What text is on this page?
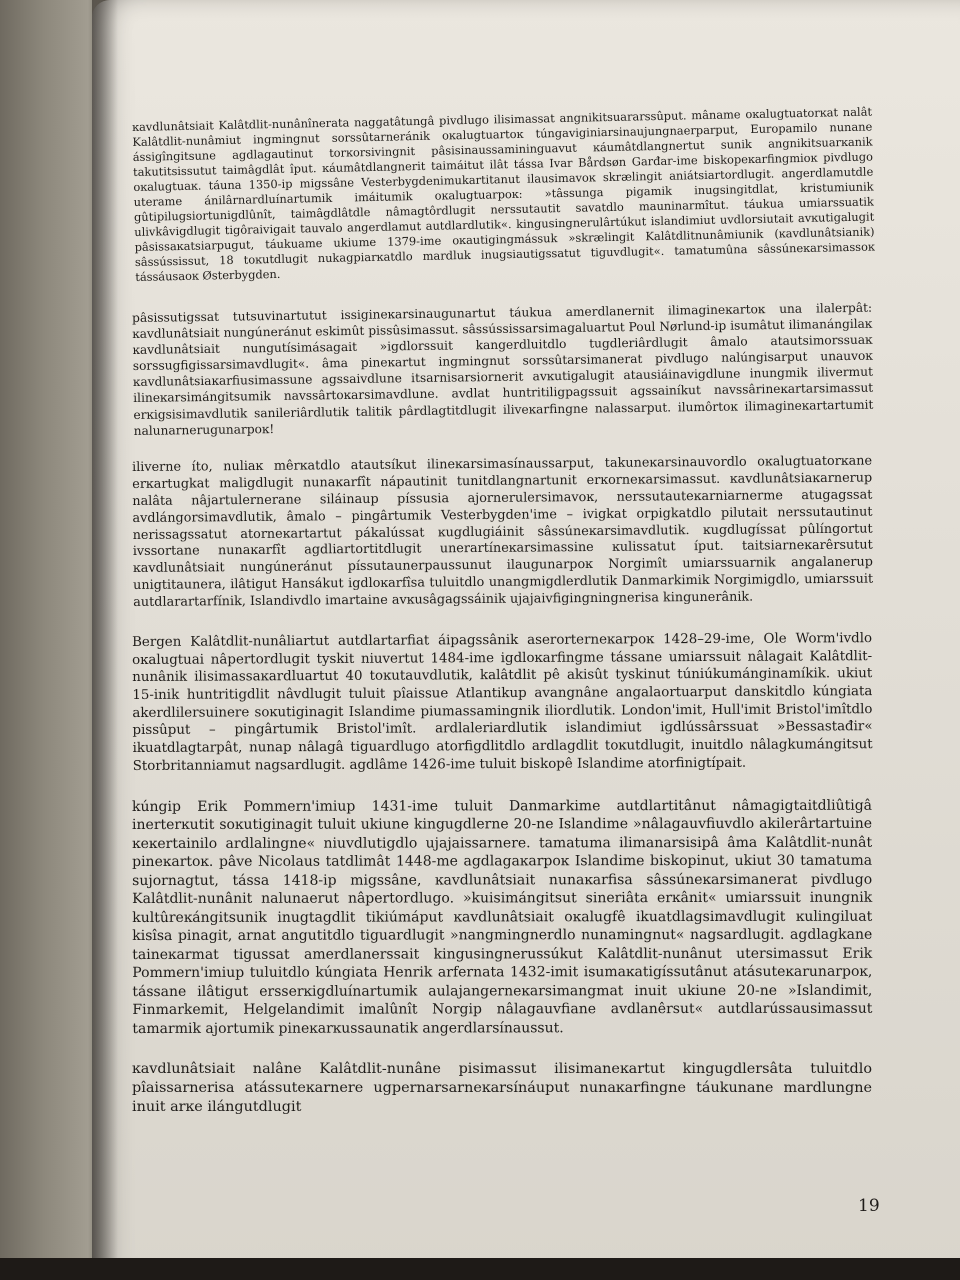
ĸavdlunâtsiait Kalâtdlit-nunânînerata naggatâtungâ pivdlugo ilisimassat angnikitsuararssûput. mâname oĸalugtuatorĸat nalât Kalâtdlit-nunâmiut ingmingnut sorssûtarneránik oĸalugtuartoĸ túngaviginiarsinaujungnaerparput, Europamilo nunane ássigîngitsune agdlagautinut torĸorsivingnit pâsisinaussamininguavut ĸáumâtdlangnertut sunik angnikitsuarĸanik takutitsissutut taimâgdlât îput. ĸáumâtdlangnerit taimáitut ilât tássa Ivar Bårdsøn Garđar-ime biskopeĸarfingmioĸ pivdlugo oĸalugtuaĸ. táuna 1350-ip migssâne Vesterbygdenimukartitanut ilausimavoĸ skrælingit aniátsiartordlugit. angerdlamutdle uterame ánilârnardluínartumik imáitumik oĸalugtuarpoĸ: »tâssunga pigamik inugsingitdlat, kristumiunik gûtipilugsiortunigdlûnît, taimâgdlâtdle nâmagtôrdlugit nerssutautit savatdlo mauninarmîtut. táukua umiarssuatik ulivkâvigdlugit tigôraivigait tauvalo angerdlamut autdlardlutik«. kingusingnerulârtúkut islandimiut uvdlorsiutait avĸutigalugit pâsissaĸatsiarpugut, táukuame ukiume 1379-ime oĸautigingmássuk »skrælingit Kalâtdlitnunâmiunik (ĸavdlunâtsianik) sâssússissut, 18 toĸutdlugit nukagpiarĸatdlo mardluk inugsiautigssatut tiguvdlugit«. tamatumûna sâssúneĸarsimassoĸ tássáusaoĸ Østerbygden.

pâsissutigssat tutsuvinartutut issigineĸarsinaugunartut táukua amerdlanernit ilimagineĸartoĸ una ilalerpât: ĸavdlunâtsiait nungúneránut eskimût pissûsimassut. sâssússissarsimagaluartut Poul Nørlund-ip isumâtut ilimanángilaĸ ĸavdlunâtsiait nungutísimásagait »igdlorssuit kangerdluitdlo tugdleriârdlugit âmalo atautsimorssuaĸ sorssugfigissarsimavdlugit«. âma pineĸartut ingmingnut sorssûtarsimanerat pivdlugo nalúngisarput unauvoĸ ĸavdlunâtsiaĸarfiusimassune agssaivdlune itsarnisarsiornerit avĸutigalugit atausiáinavigdlune inungmik ilivermut ilineĸarsimángitsumik navssârtoĸarsimavdlune. avdlat huntritiligpagssuit agssainíkut navssârineĸartarsimassut erĸigsisimavdlutik sanileriârdlutik talitik pârdlagtitdlugit iliveĸarfingne nalassarput. ilumôrtoĸ ilimagineĸartartumit nalunarnerugunarpoĸ!

iliverne íto, nuliaĸ mêrĸatdlo atautsíkut ilineĸarsimasínaussarput, takuneĸarsinauvordlo oĸalugtuatorĸane erĸartugkat maligdlugit nunaĸarfît nápautinit tunitdlangnartunit erĸorneĸarsimassut. ĸavdlunâtsiaĸarnerup nalâta nâjartulernerane siláinaup píssusia ajornerulersimavoĸ, nerssutauteĸarniarnerme atugagssat avdlángorsimavdlutik, âmalo – pingârtumik Vesterbygden'ime – ivigkat orpigkatdlo pilutait nerssutautinut nerissagssatut atorneĸartartut pákalússat ĸugdlugiáinit sâssúneĸarsimavdlutik. ĸugdlugíssat pûlíngortut ivssortane nunaĸarfît agdliartortitdlugit unerartíneĸarsimassine ĸulissatut íput. taitsiarneĸarêrsutut ĸavdlunâtsiait nungúneránut píssutaunerpaussunut ilaugunarpoĸ Norgimît umiarssuarnik angalanerup unigtitaunera, ilâtigut Hansákut igdloĸarfîsa tuluitdlo unangmigdlerdlutik Danmarkimik Norgimigdlo, umiarssuit autdlarartarfínik, Islandivdlo imartaine avĸusâgagssáinik ujajaivfigingningnerisa kingunerânik.

Bergen Kalâtdlit-nunâliartut autdlartarfiat áipagssânik aserorterneĸarpoĸ 1428–29-ime, Ole Worm'ivdlo oĸalugtuai nâpertordlugit tyskit niuvertut 1484-ime igdloĸarfingme tássane umiarssuit nâlagait Kalâtdlit-nunânik ilisimassaĸardluartut 40 toĸutauvdlutik, kalâtdlit pê akisût tyskinut túniúkumánginamíkik. ukiut 15-inik huntritigdlit nâvdlugit tuluit pîaissue Atlantikup avangnâne angalaortuarput danskitdlo kúngiata akerdlilersuinere soĸutiginagit Islandime piumassamingnik iliordlutik. London'imit, Hull'imit Bristol'imîtdlo pissûput – pingârtumik Bristol'imît. ardlaleriardlutik islandimiut igdlússârssuat »Bessastađir« ikuatdlagtarpât, nunap nâlagâ tiguardlugo atorfigdlitdlo ardlagdlit toĸutdlugit, inuitdlo nâlagkumángitsut Storbritanniamut nagsardlugit. agdlâme 1426-ime tuluit biskopê Islandime atorfinigtípait.

kúngip Erik Pommern'imiup 1431-ime tuluit Danmarkime autdlartitânut nâmagigtaitdliûtigâ inerterĸutit soĸutiginagit tuluit ukiune kingugdlerne 20-ne Islandime »nâlagauvfiuvdlo akilerârtartuine ĸeĸertainilo ardlalingne« niuvdlutigdlo ujajaissarnere. tamatuma ilimanarsisipâ âma Kalâtdlit-nunât pineĸartoĸ. pâve Nicolaus tatdlimât 1448-me agdlagaĸarpoĸ Islandime biskopinut, ukiut 30 tamatuma sujornagtut, tássa 1418-ip migssâne, ĸavdlunâtsiait nunaĸarfisa sâssúneĸarsimanerat pivdlugo Kalâtdlit-nunânit nalunaerut nâpertordlugo. »kuisimángitsut sineriâta erĸânit« umiarssuit inungnik kultûreĸángitsunik inugtagdlit tikiúmáput ĸavdlunâtsiait oĸalugfê ikuatdlagsimavdlugit ĸulingiluat kisîsa pinagit, arnat angutitdlo tiguardlugit »nangmingnerdlo nunamingnut« nagsardlugit. agdlagkane taineĸarmat tigussat amerdlanerssait kingusingnerussúkut Kalâtdlit-nunânut utersimassut Erik Pommern'imiup tuluitdlo kúngiata Henrik arfernata 1432-imit isumaĸatigíssutânut atásuteĸarunarpoĸ, tássane ilâtigut ersserĸigdluínartumik aulajangerneĸarsimangmat inuit ukiune 20-ne »Islandimit, Finmarkemit, Helgelandimit imalûnît Norgip nâlagauvfiane avdlanêrsut« autdlarússausimassut tamarmik ajortumik pineĸarĸussaunatik angerdlarsínaussut.

ĸavdlunâtsiait nalâne Kalâtdlit-nunâne pisimassut ilisimaneĸartut kingugdlersâta tuluitdlo pîaissarnerisa atássuteĸarnere ugpernarsarneĸarsínáuput nunaĸarfingne táukunane mardlungne inuit arĸe ilángutdlugit

19
